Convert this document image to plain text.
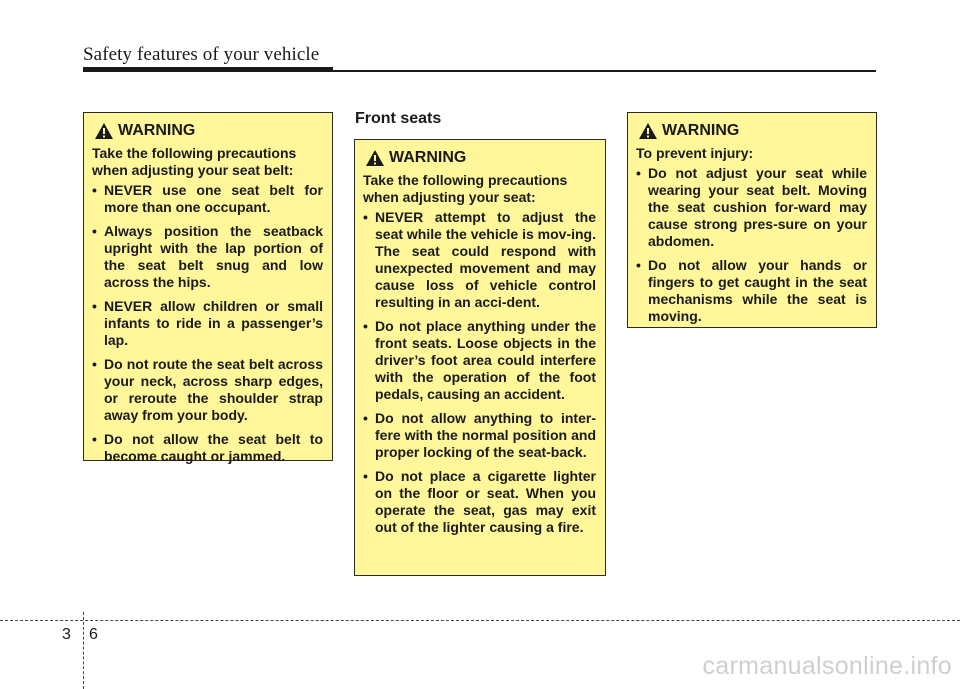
Safety features of your vehicle
WARNING

Take the following precautions when adjusting your seat belt:

• NEVER use one seat belt for more than one occupant.
• Always position the seatback upright with the lap portion of the seat belt snug and low across the hips.
• NEVER allow children or small infants to ride in a passenger’s lap.
• Do not route the seat belt across your neck, across sharp edges, or reroute the shoulder strap away from your body.
• Do not allow the seat belt to become caught or jammed.
Front seats
WARNING

Take the following precautions when adjusting your seat:

• NEVER attempt to adjust the seat while the vehicle is mov-ing. The seat could respond with unexpected movement and may cause loss of vehicle control resulting in an acci-dent.
• Do not place anything under the front seats. Loose objects in the driver’s foot area could interfere with the operation of the foot pedals, causing an accident.
• Do not allow anything to inter-fere with the normal position and proper locking of the seat-back.
• Do not place a cigarette lighter on the floor or seat. When you operate the seat, gas may exit out of the lighter causing a fire.
WARNING

To prevent injury:

• Do not adjust your seat while wearing your seat belt. Moving the seat cushion for-ward may cause strong pres-sure on your abdomen.
• Do not allow your hands or fingers to get caught in the seat mechanisms while the seat is moving.
3 6
carmanualsonline.info
